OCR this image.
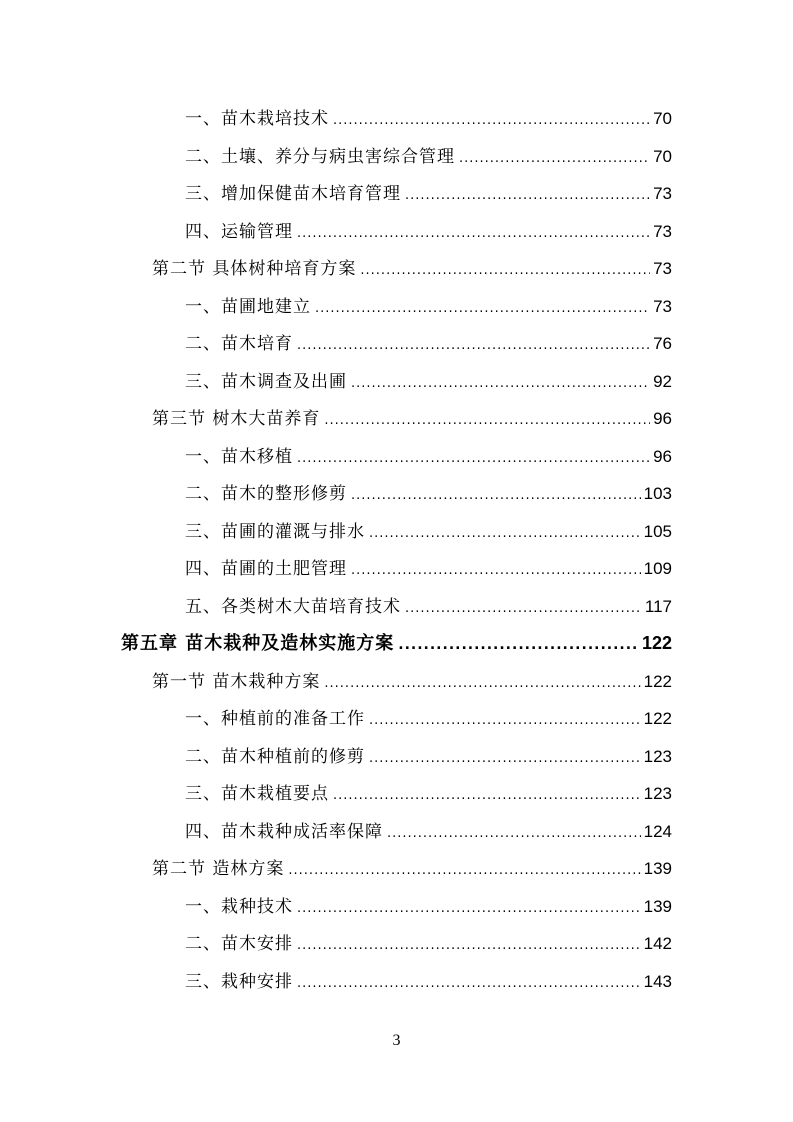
一、苗木栽培技术 .....	70
二、土壤、养分与病虫害综合管理 .....	70
三、增加保健苗木培育管理 .....	73
四、运输管理 .....	73
第二节 具体树种培育方案 .....	73
一、苗圃地建立 .....	73
二、苗木培育 .....	76
三、苗木调查及出圃 .....	92
第三节 树木大苗养育 .....	96
一、苗木移植 .....	96
二、苗木的整形修剪 .....	103
三、苗圃的灌溉与排水 .....	105
四、苗圃的土肥管理 .....	109
五、各类树木大苗培育技术 .....	117
第五章 苗木栽种及造林实施方案 .....	122
第一节 苗木栽种方案 .....	122
一、种植前的准备工作 .....	122
二、苗木种植前的修剪 .....	123
三、苗木栽植要点 .....	123
四、苗木栽种成活率保障 .....	124
第二节 造林方案 .....	139
一、栽种技术 .....	139
二、苗木安排 .....	142
三、栽种安排 .....	143
3
